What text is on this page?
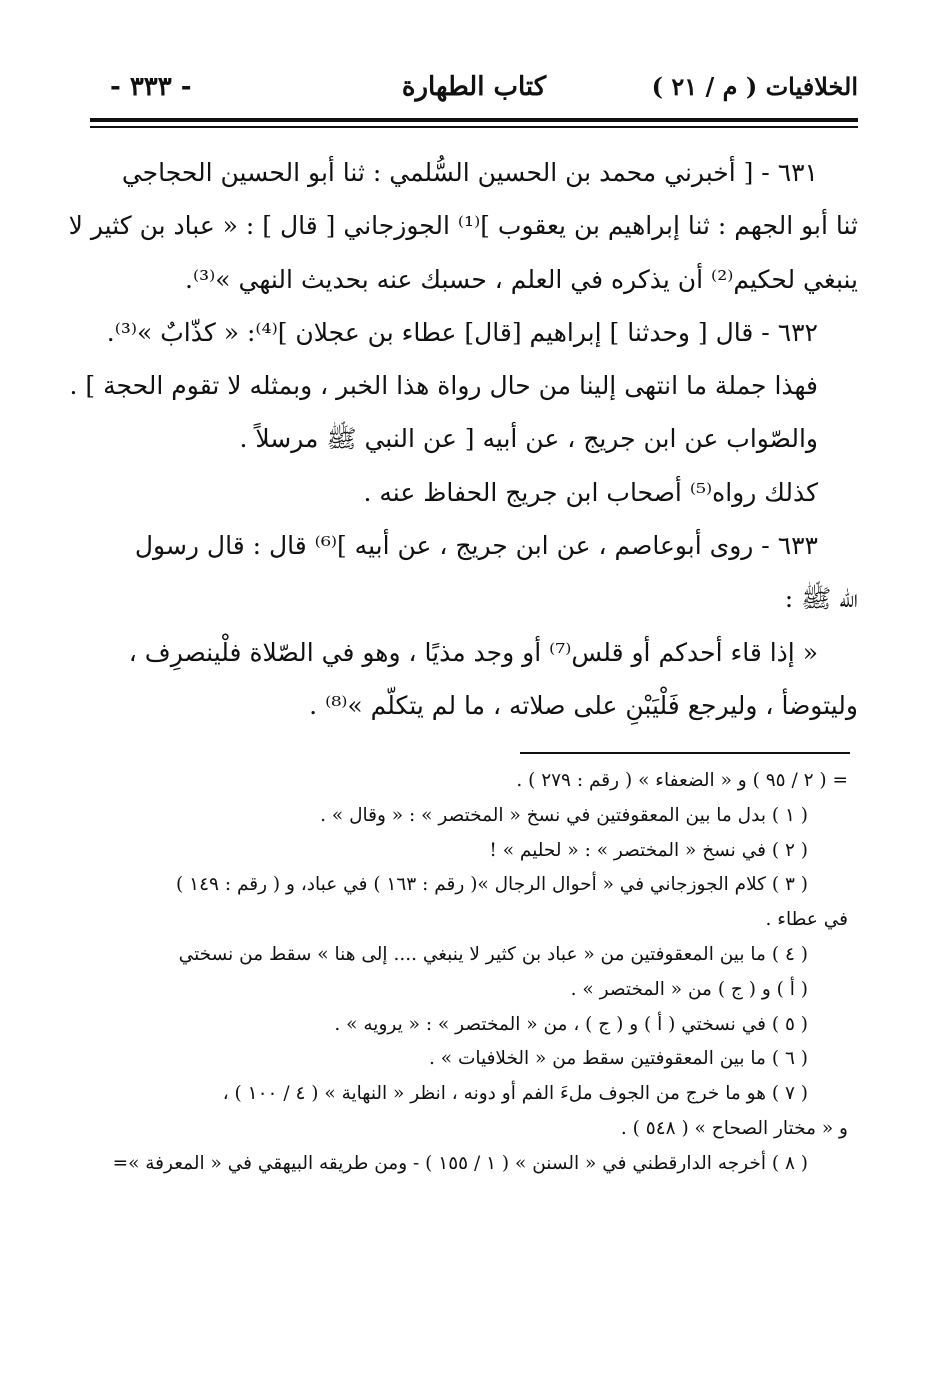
الخلافيات ( م / ٢١ )
كتاب الطهارة
- ٣٣٣ -
٦٣١ - [ أخبرني محمد بن الحسين السُّلمي : ثنا أبو الحسين الحجاجي
ثنا أبو الجهم : ثنا إبراهيم بن يعقوب ]⁽¹⁾ الجوزجاني [ قال ] : « عباد بن كثير لا
ينبغي لحكيم⁽²⁾ أن يذكره في العلم ، حسبك عنه بحديث النهي »⁽³⁾.
٦٣٢ - قال [ وحدثنا ] إبراهيم [قال] عطاء بن عجلان ]⁽⁴⁾: « كذّابٌ »⁽³⁾.
فهذا جملة ما انتهى إلينا من حال رواة هذا الخبر ، وبمثله لا تقوم الحجة ] .
والصّواب عن ابن جريج ، عن أبيه [ عن النبي ﷺ مرسلاً .
كذلك رواه⁽⁵⁾ أصحاب ابن جريج الحفاظ عنه .
٦٣٣ - روى أبوعاصم ، عن ابن جريج ، عن أبيه ]⁽⁶⁾ قال : قال رسول
الله ﷺ :
« إذا قاء أحدكم أو قلس⁽⁷⁾ أو وجد مذيًا ، وهو في الصّلاة فلْينصرِف ،
وليتوضأ ، وليرجع فَلْيَبْنِ على صلاته ، ما لم يتكلّم »⁽⁸⁾ .
= ( ٢ / ٩٥ ) و « الضعفاء » ( رقم : ٢٧٩ ) .
( ١ ) بدل ما بين المعقوفتين في نسخ « المختصر » : « وقال » .
( ٢ ) في نسخ « المختصر » : « لحليم » !
( ٣ ) كلام الجوزجاني في « أحوال الرجال »( رقم : ١٦٣ ) في عباد، و ( رقم : ١٤٩ )
في عطاء .
( ٤ ) ما بين المعقوفتين من « عباد بن كثير لا ينبغي .... إلى هنا » سقط من نسختي
( أ ) و ( ج ) من « المختصر » .
( ٥ ) في نسختي ( أ ) و ( ج ) ، من « المختصر » : « يرويه » .
( ٦ ) ما بين المعقوفتين سقط من « الخلافيات » .
( ٧ ) هو ما خرج من الجوف ملءَ الفم أو دونه ، انظر « النهاية » ( ٤ / ١٠٠ ) ،
و « مختار الصحاح » ( ٥٤٨ ) .
( ٨ ) أخرجه الدارقطني في « السنن » ( ١ / ١٥٥ ) - ومن طريقه البيهقي في « المعرفة »=
